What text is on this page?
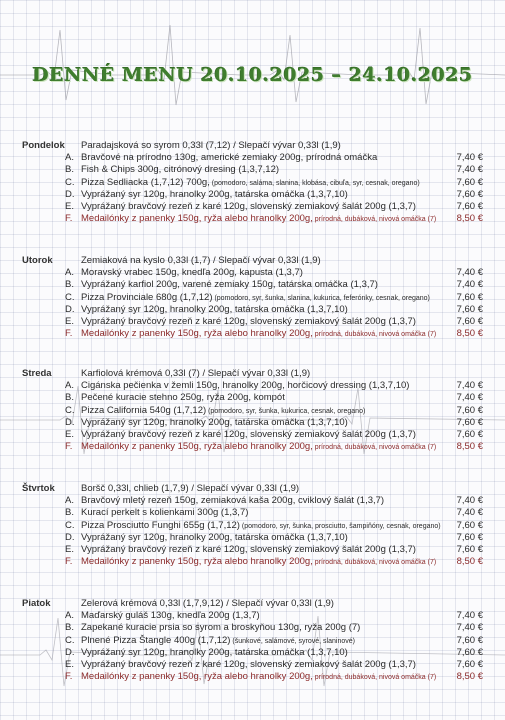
DENNÉ MENU 20.10.2025 – 24.10.2025
Pondelok Paradajsková so syrom 0,33l (7,12) / Slepačí vývar 0,33l (1,9)
A. Bravčové na prírodno 130g, americké zemiaky 200g, prírodná omáčka	7,40 €
B. Fish & Chips 300g, citrónový dresing (1,3,7,12)	7,40 €
C. Pizza Sedliacka (1,7,12) 700g, (pomodoro, saláma, slanina, klobása, cibuľa, syr, cesnak, oregano)	7,60 €
D. Vyprážaný syr 120g, hranolky 200g, tatárska omáčka (1,3,7,10)	7,60 €
E. Vyprážaný bravčový rezeň z karé 120g, slovenský zemiakový šalát 200g (1,3,7)	7,60 €
F. Medailónky z panenky 150g, ryža alebo hranolky 200g, prírodná, dubáková, nivová omáčka (7) 8,50 €
Utorok	Zemiaková na kyslo 0,33l (1,7) / Slepačí vývar 0,33l (1,9)
A. Moravský vrabec 150g, knedľa 200g, kapusta (1,3,7)	7,40 €
B. Vyprážaný karfiol 200g, varené zemiaky 150g, tatárska omáčka (1,3,7)	7,40 €
C. Pizza Provinciale 680g (1,7,12) (pomodoro, syr, šunka, slanina, kukurica, feferónky, cesnak, oregano)	7,60 €
D. Vyprážaný syr 120g, hranolky 200g, tatárska omáčka (1,3,7,10)	7,60 €
E. Vyprážaný bravčový rezeň z karé 120g, slovenský zemiakový šalát 200g (1,3,7)	7,60 €
F. Medailónky z panenky 150g, ryža alebo hranolky 200g, prírodná, dubáková, nivová omáčka (7) 8,50 €
Streda	Karfiolová krémová 0,33l (7) / Slepačí vývar 0,33l (1,9)
A. Cigánska pečienka v žemli 150g, hranolky 200g, horčicový dressing (1,3,7,10)	7,40 €
B. Pečené kuracie stehno 250g, ryža 200g, kompót	7,40 €
C. Pizza California 540g (1,7,12) (pomodoro, syr, šunka, kukurica, cesnak, oregano)	7,60 €
D. Vyprážaný syr 120g, hranolky 200g, tatárska omáčka (1,3,7,10)	7,60 €
E. Vyprážaný bravčový rezeň z karé 120g, slovenský zemiakový šalát 200g (1,3,7)	7,60 €
F. Medailónky z panenky 150g, ryža alebo hranolky 200g, prírodná, dubáková, nivová omáčka (7) 8,50 €
Štvrtok	Boršč 0,33l, chlieb (1,7,9) / Slepačí vývar 0,33l (1,9)
A. Bravčový mletý rezeň 150g, zemiaková kaša 200g, cviklový šalát (1,3,7)	7,40 €
B. Kurací perkelt s kolienkami 300g (1,3,7)	7,40 €
C. Pizza Prosciutto Funghi 655g (1,7,12) (pomodoro, syr, šunka, prosciutto, šampiňóny, cesnak, oregano) 7,60 €
D. Vyprážaný syr 120g, hranolky 200g, tatárska omáčka (1,3,7,10)	7,60 €
E. Vyprážaný bravčový rezeň z karé 120g, slovenský zemiakový šalát 200g (1,3,7)	7,60 €
F. Medailónky z panenky 150g, ryža alebo hranolky 200g, prírodná, dubáková, nivová omáčka (7) 8,50 €
Piatok	Zelerová krémová 0,33l (1,7,9,12) / Slepačí vývar 0,33l (1,9)
A. Maďarský guláš 130g, knedľa 200g (1,3,7)	7,40 €
B. Zapekané kuracie prsia so syrom a broskyňou 130g, ryža 200g (7)	7,40 €
C. Plnené Pizza Štangle 400g (1,7,12) (šunkové, salámové, syrové, slaninové)	7,60 €
D. Vyprážaný syr 120g, hranolky 200g, tatárska omáčka (1,3,7,10)	7,60 €
E. Vyprážaný bravčový rezeň z karé 120g, slovenský zemiakový šalát 200g (1,3,7)	7,60 €
F. Medailónky z panenky 150g, ryža alebo hranolky 200g, prírodná, dubáková, nivová omáčka (7) 8,50 €
